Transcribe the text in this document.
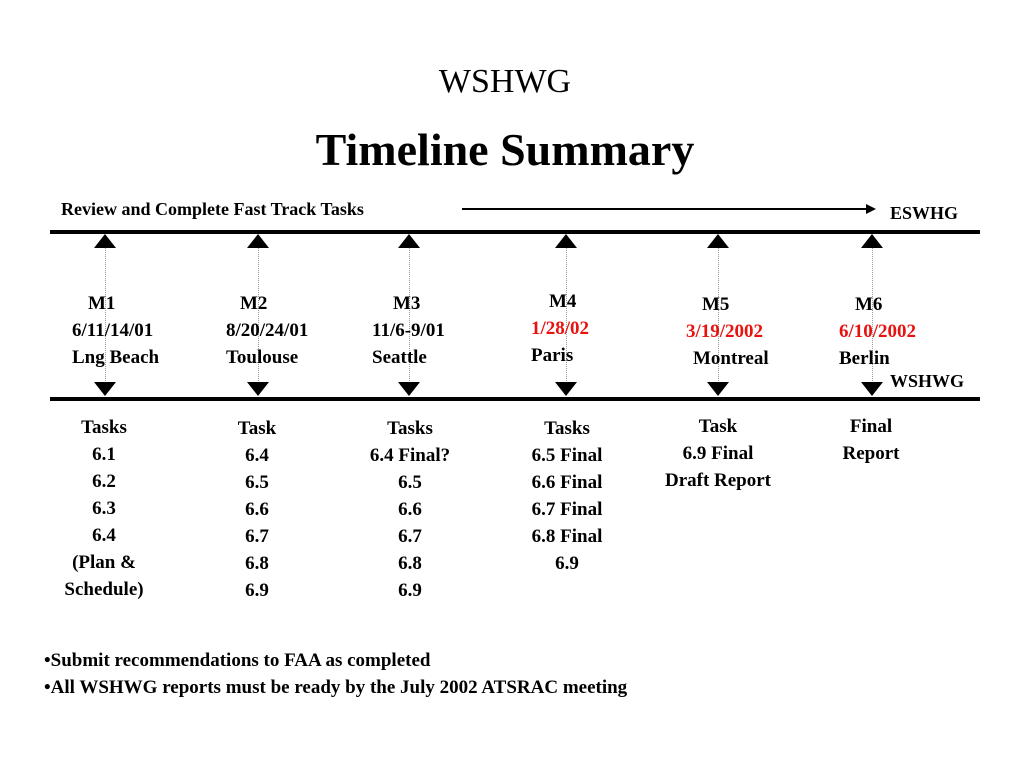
WSHWG
Timeline Summary
Review and Complete Fast Track Tasks	ESWHG
WSHWG
M1
6/11/14/01
Lng Beach
M2
8/20/24/01
Toulouse
M3
11/6-9/01
Seattle
M4
1/28/02
Paris
M5
3/19/2002
Montreal
M6
6/10/2002
Berlin
Tasks
6.1
6.2
6.3
6.4
(Plan &
Schedule)
Task
6.4
6.5
6.6
6.7
6.8
6.9
Tasks
6.4 Final?
6.5
6.6
6.7
6.8
6.9
Tasks
6.5 Final
6.6 Final
6.7 Final
6.8 Final
6.9
Task
6.9 Final
Draft Report
Final
Report
•Submit recommendations to FAA as completed
•All WSHWG reports must be ready by the July 2002 ATSRAC meeting
